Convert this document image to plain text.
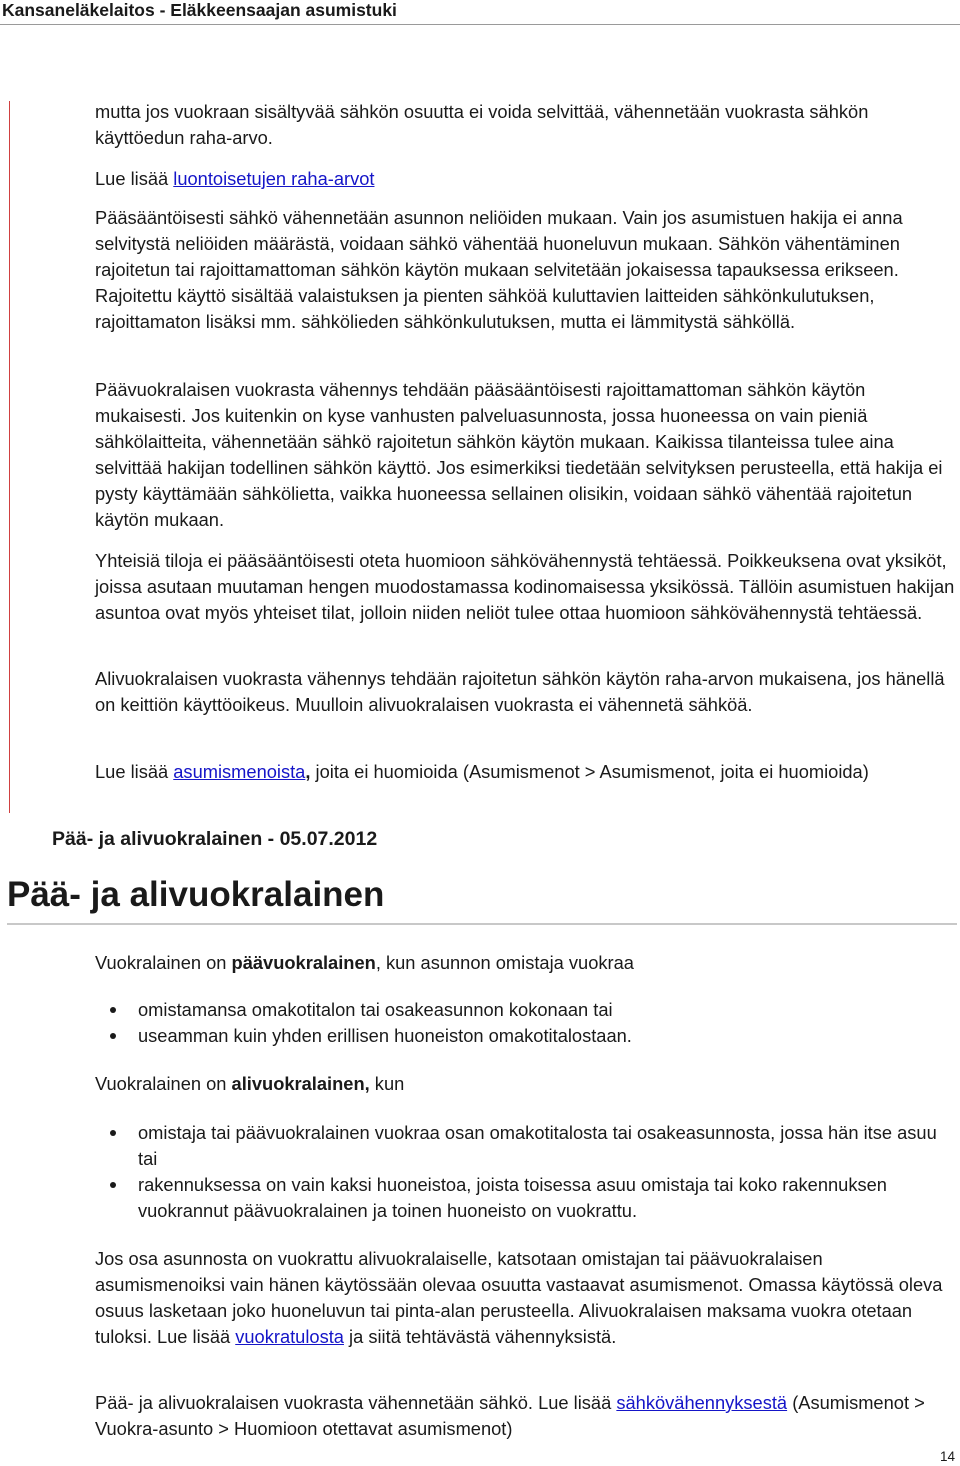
Kansaneläkelaitos - Eläkkeensaajan asumistuki

mutta jos vuokraan sisältyvää sähkön osuutta ei voida selvittää, vähennetään vuokrasta sähkön käyttöedun raha-arvo.

Lue lisää luontoisetujen raha-arvot

Pääsääntöisesti sähkö vähennetään asunnon neliöiden mukaan. Vain jos asumistuen hakija ei anna selvitystä neliöiden määrästä, voidaan sähkö vähentää huoneluvun mukaan. Sähkön vähentäminen rajoitetun tai rajoittamattoman sähkön käytön mukaan selvitetään jokaisessa tapauksessa erikseen. Rajoitettu käyttö sisältää valaistuksen ja pienten sähköä kuluttavien laitteiden sähkönkulutuksen, rajoittamaton lisäksi mm. sähkölieden sähkönkulutuksen, mutta ei lämmitystä sähköllä.

Päävuokralaisen vuokrasta vähennys tehdään pääsääntöisesti rajoittamattoman sähkön käytön mukaisesti. Jos kuitenkin on kyse vanhusten palveluasunnosta, jossa huoneessa on vain pieniä sähkölaitteita, vähennetään sähkö rajoitetun sähkön käytön mukaan. Kaikissa tilanteissa tulee aina selvittää hakijan todellinen sähkön käyttö. Jos esimerkiksi tiedetään selvityksen perusteella, että hakija ei pysty käyttämään sähkölietta, vaikka huoneessa sellainen olisikin, voidaan sähkö vähentää rajoitetun käytön mukaan.

Yhteisiä tiloja ei pääsääntöisesti oteta huomioon sähkövähennystä tehtäessä. Poikkeuksena ovat yksiköt, joissa asutaan muutaman hengen muodostamassa kodinomaisessa yksikössä. Tällöin asumistuen hakijan asuntoa ovat myös yhteiset tilat, jolloin niiden neliöt tulee ottaa huomioon sähkövähennystä tehtäessä.

Alivuokralaisen vuokrasta vähennys tehdään rajoitetun sähkön käytön raha-arvon mukaisena, jos hänellä on keittiön käyttöoikeus. Muulloin alivuokralaisen vuokrasta ei vähennetä sähköä.

Lue lisää asumismenoista, joita ei huomioida (Asumismenot > Asumismenot, joita ei huomioida)

Pää- ja alivuokralainen - 05.07.2012
Pää- ja alivuokralainen

Vuokralainen on päävuokralainen, kun asunnon omistaja vuokraa

omistamansa omakotitalon tai osakeasunnon kokonaan tai
useamman kuin yhden erillisen huoneiston omakotitalostaan.

Vuokralainen on alivuokralainen, kun

omistaja tai päävuokralainen vuokraa osan omakotitalosta tai osakeasunnosta, jossa hän itse asuu tai
rakennuksessa on vain kaksi huoneistoa, joista toisessa asuu omistaja tai koko rakennuksen vuokrannut päävuokralainen ja toinen huoneisto on vuokrattu.

Jos osa asunnosta on vuokrattu alivuokralaiselle, katsotaan omistajan tai päävuokralaisen asumismenoiksi vain hänen käytössään olevaa osuutta vastaavat asumismenot. Omassa käytössä oleva osuus lasketaan joko huoneluvun tai pinta-alan perusteella. Alivuokralaisen maksama vuokra otetaan tuloksi. Lue lisää vuokratulosta ja siitä tehtävästä vähennyksistä.

Pää- ja alivuokralaisen vuokrasta vähennetään sähkö. Lue lisää sähkövähennyksestä (Asumismenot > Vuokra-asunto > Huomioon otettavat asumismenot)

14
